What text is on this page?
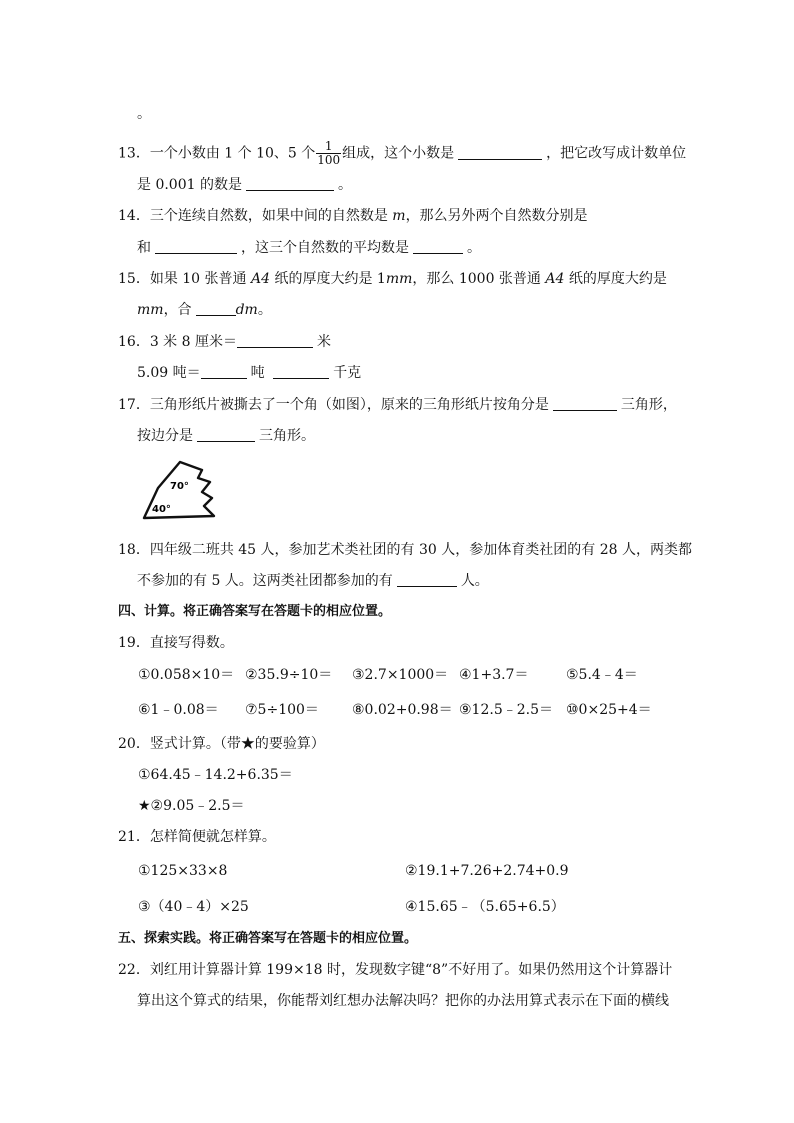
。
13．一个小数由 1 个 10、5 个 $\frac{1}{100}$ 组成，这个小数是	，把它改写成计数单位
是 0.001 的数是	。
14．三个连续自然数，如果中间的自然数是 m，那么另外两个自然数分别是
和	，这三个自然数的平均数是	。
15．如果 10 张普通 A4 纸的厚度大约是 1mm，那么 1000 张普通 A4 纸的厚度大约是
mm，合	dm。
16．3 米 8 厘米＝	米
5.09 吨＝	吨	千克
17．三角形纸片被撕去了一个角（如图），原来的三角形纸片按角分是	三角形，
按边分是	三角形。
70°
40°
18．四年级二班共 45 人，参加艺术类社团的有 30 人，参加体育类社团的有 28 人，两类都
不参加的有 5 人。这两类社团都参加的有	人。
四、计算。将正确答案写在答题卡的相应位置。
19．直接写得数。
①0.058×10＝ ②35.9÷10＝ ③2.7×1000＝ ④1+3.7＝	⑤5.4﹣4＝
⑥1﹣0.08＝ ⑦5÷100＝ ⑧0.02+0.98＝ ⑨12.5﹣2.5＝ ⑩0×25+4＝
20．竖式计算。（带★的要验算）
①64.45﹣14.2+6.35＝
★②9.05﹣2.5＝
21．怎样简便就怎样算。
①125×33×8	②19.1+7.26+2.74+0.9
③（40﹣4）×25	④15.65﹣（5.65+6.5）
五、探索实践。将正确答案写在答题卡的相应位置。
22．刘红用计算器计算 199×18 时，发现数字键“8”不好用了。如果仍然用这个计算器计
算出这个算式的结果，你能帮刘红想办法解决吗？把你的办法用算式表示在下面的横线
